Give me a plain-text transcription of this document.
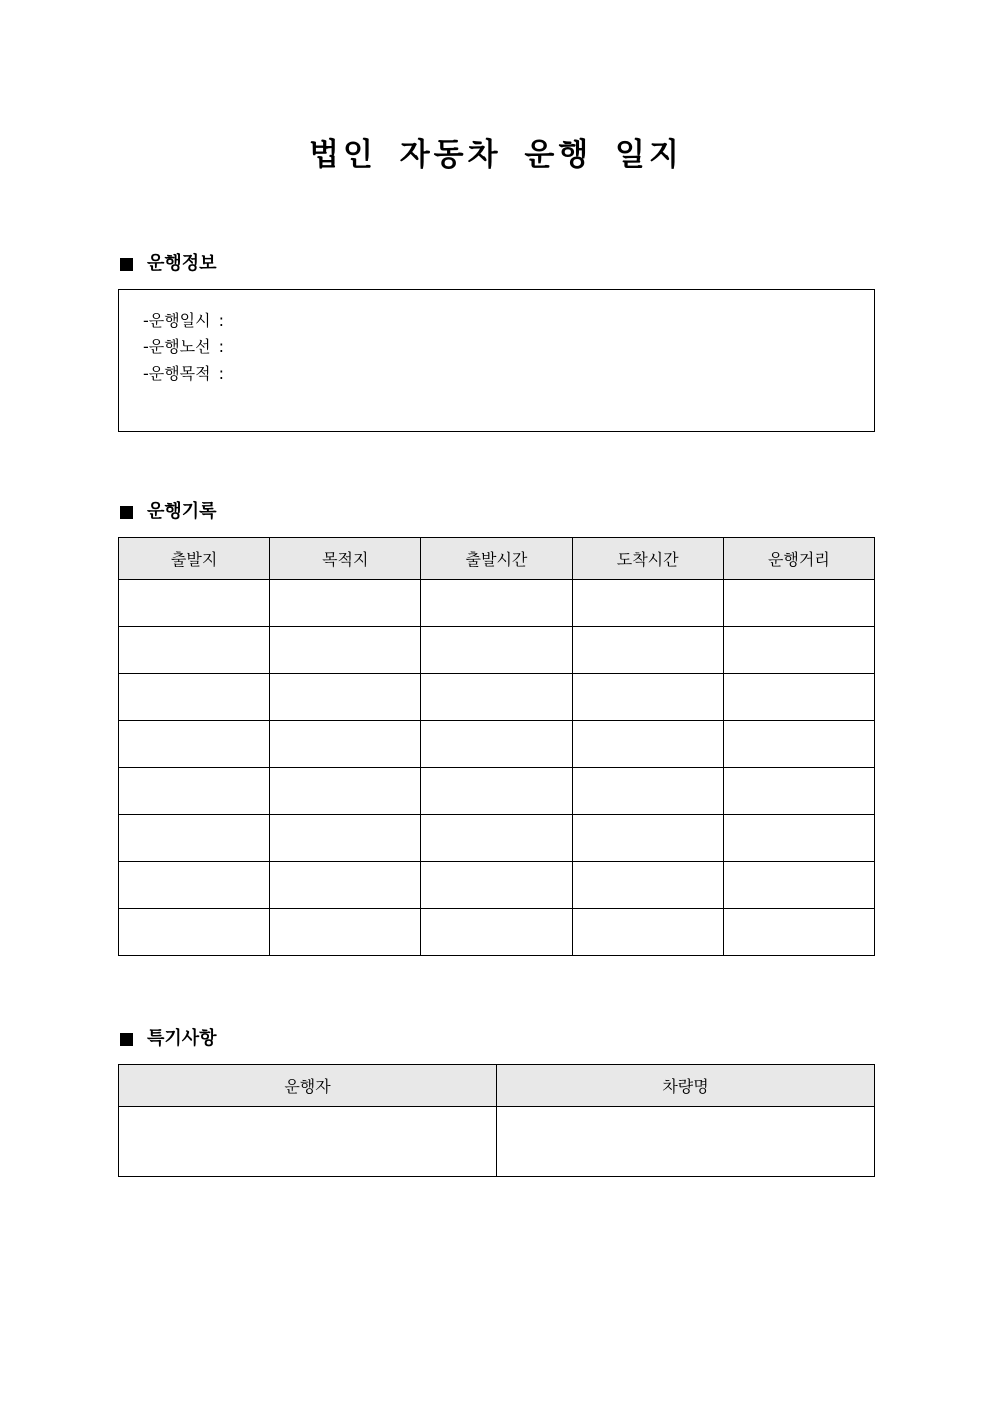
법인 자동차 운행 일지
운행정보
-운행일시 :
-운행노선 :
-운행목적 :
운행기록
출발지	목적지	출발시간	도착시간	운행거리

특기사항
운행자	차량명
